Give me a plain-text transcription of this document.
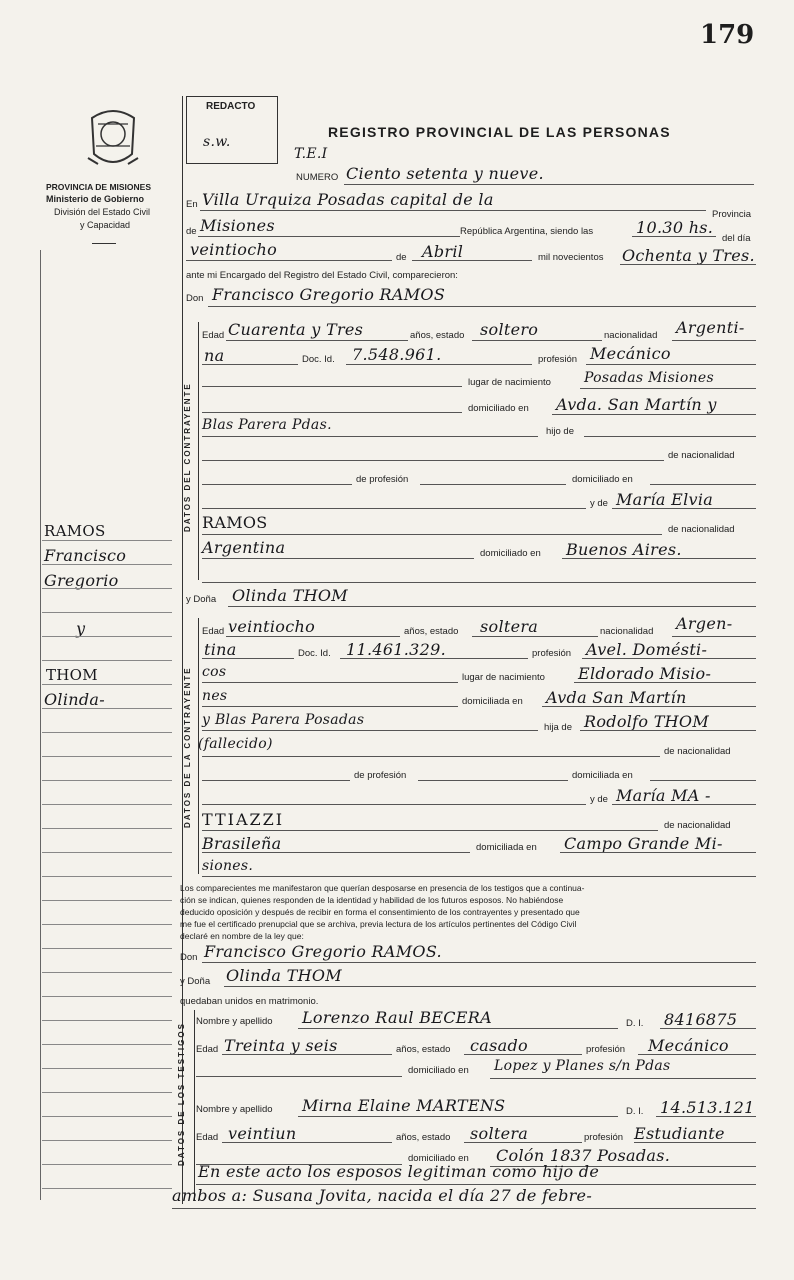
179
PROVINCIA DE MISIONES
Ministerio de Gobierno
División del Estado Civil
y Capacidad
REDACTO
s.w.
REGISTRO PROVINCIAL DE LAS PERSONAS
T.E.I
RAMOS
Francisco
Gregorio
y
THOM
Olinda-
NUMERO Ciento setenta y nueve.
En Villa Urquiza Posadas capital de la
Provincia
de Misiones	República Argentina, siendo las	10.30 hs.
del día
veintiocho	de Abril	mil novecientos Ochenta y Tres.
ante mi Encargado del Registro del Estado Civil, comparecieron:
Don Francisco Gregorio RAMOS
DATOS DEL CONTRAYENTE
Edad Cuarenta y Tres	años, estado soltero	nacionalidad Argenti-
na	Doc. Id. 7.548.961.	profesión Mecánico
lugar de nacimiento Posadas Misiones
domiciliado en Avda. San Martín y
Blas Parera Pdas.	hijo de
de nacionalidad
de profesión	domiciliado en
y de María Elvia
RAMOS	de nacionalidad
Argentina	domiciliado en Buenos Aires.
y Doña Olinda THOM
DATOS DE LA CONTRAYENTE
Edad veintiocho	años, estado soltera	nacionalidad Argen-
tina	Doc. Id. 11.461.329.	profesión Avel. Domésti-
cos	lugar de nacimiento Eldorado Misio-
nes	domiciliada en Avda San Martín
y Blas Parera Posadas	hija de Rodolfo THOM
(fallecido)	de nacionalidad
de profesión	domiciliada en
y de María MA -
TTIAZZI	de nacionalidad
Brasileña	domiciliada en Campo Grande Mi-
siones.
Los comparecientes me manifestaron que querían desposarse en presencia de los testigos que a continua-
ción se indican, quienes responden de la identidad y habilidad de los futuros esposos. No habiéndose
deducido oposición y después de recibir en forma el consentimiento de los contrayentes y presentado que
me fue el certificado prenupcial que se archiva, previa lectura de los artículos pertinentes del Código Civil
declaré en nombre de la ley que:
Don Francisco Gregorio RAMOS.
y Doña Olinda THOM
quedaban unidos en matrimonio.
DATOS DE LOS TESTIGOS
Nombre y apellido Lorenzo Raul BECERA	D. I. 8416875
Edad Treinta y seis	años, estado casado	profesión Mecánico
domiciliado en Lopez y Planes s/n Pdas
Nombre y apellido Mirna Elaine MARTENS	D. I. 14.513.121
Edad veintiun	años, estado soltera	profesión Estudiante
domiciliado en Colón 1837 Posadas.
En este acto los esposos legitiman como hijo de
ambos a: Susana Jovita, nacida el día 27 de febre-
